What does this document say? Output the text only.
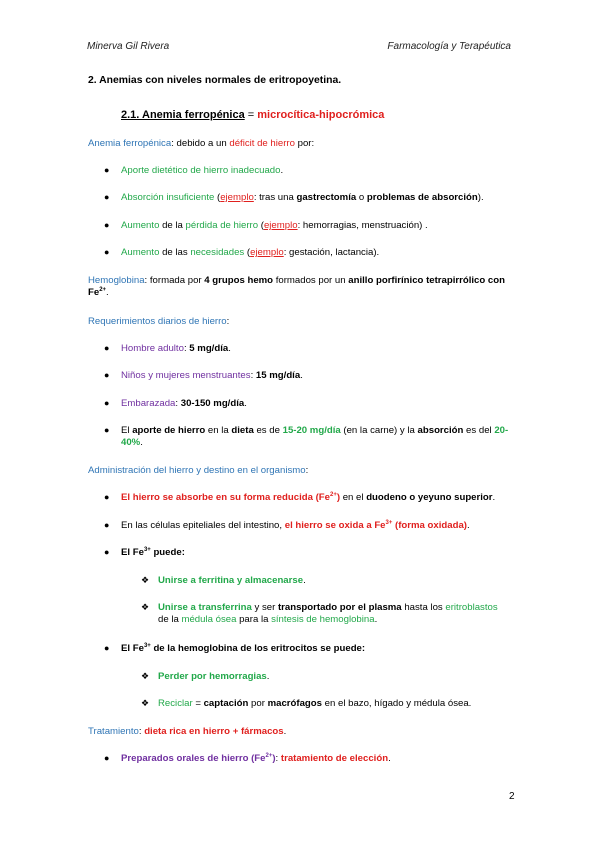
Minerva Gil Rivera	Farmacología y Terapéutica
2. Anemias con niveles normales de eritropoyetina.
2.1. Anemia ferropénica = microcítica-hipocrómica
Anemia ferropénica: debido a un déficit de hierro por:
●	Aporte dietético de hierro inadecuado.
●	Absorción insuficiente (ejemplo: tras una gastrectomía o problemas de absorción).
●	Aumento de la pérdida de hierro (ejemplo: hemorragias, menstruación) .
●	Aumento de las necesidades (ejemplo: gestación, lactancia).
Hemoglobina: formada por 4 grupos hemo formados por un anillo porfirínico tetrapirrólico con
$Fe^{2+}$.
Requerimientos diarios de hierro:
●	Hombre adulto: 5 mg/día.
●	Niños y mujeres menstruantes: 15 mg/día.
●	Embarazada: 30-150 mg/día.
●	El aporte de hierro en la dieta es de 15-20 mg/día (en la carne) y la absorción es del 20-
40%.
Administración del hierro y destino en el organismo:
●	El hierro se absorbe en su forma reducida $(Fe^{2+})$ en el duodeno o yeyuno superior.
●	En las células epiteliales del intestino, el hierro se oxida a $Fe^{3+}$ (forma oxidada).
●	El $Fe^{3+}$ puede:
❖ Unirse a ferritina y almacenarse.
❖ Unirse a transferrina y ser transportado por el plasma hasta los eritroblastos
de la médula ósea para la síntesis de hemoglobina.
●	El $Fe^{3+}$ de la hemoglobina de los eritrocitos se puede:
❖ Perder por hemorragias.
❖ Reciclar = captación por macrófagos en el bazo, hígado y médula ósea.
Tratamiento: dieta rica en hierro + fármacos.
●	Preparados orales de hierro $(Fe^{2+})$: tratamiento de elección.
2
